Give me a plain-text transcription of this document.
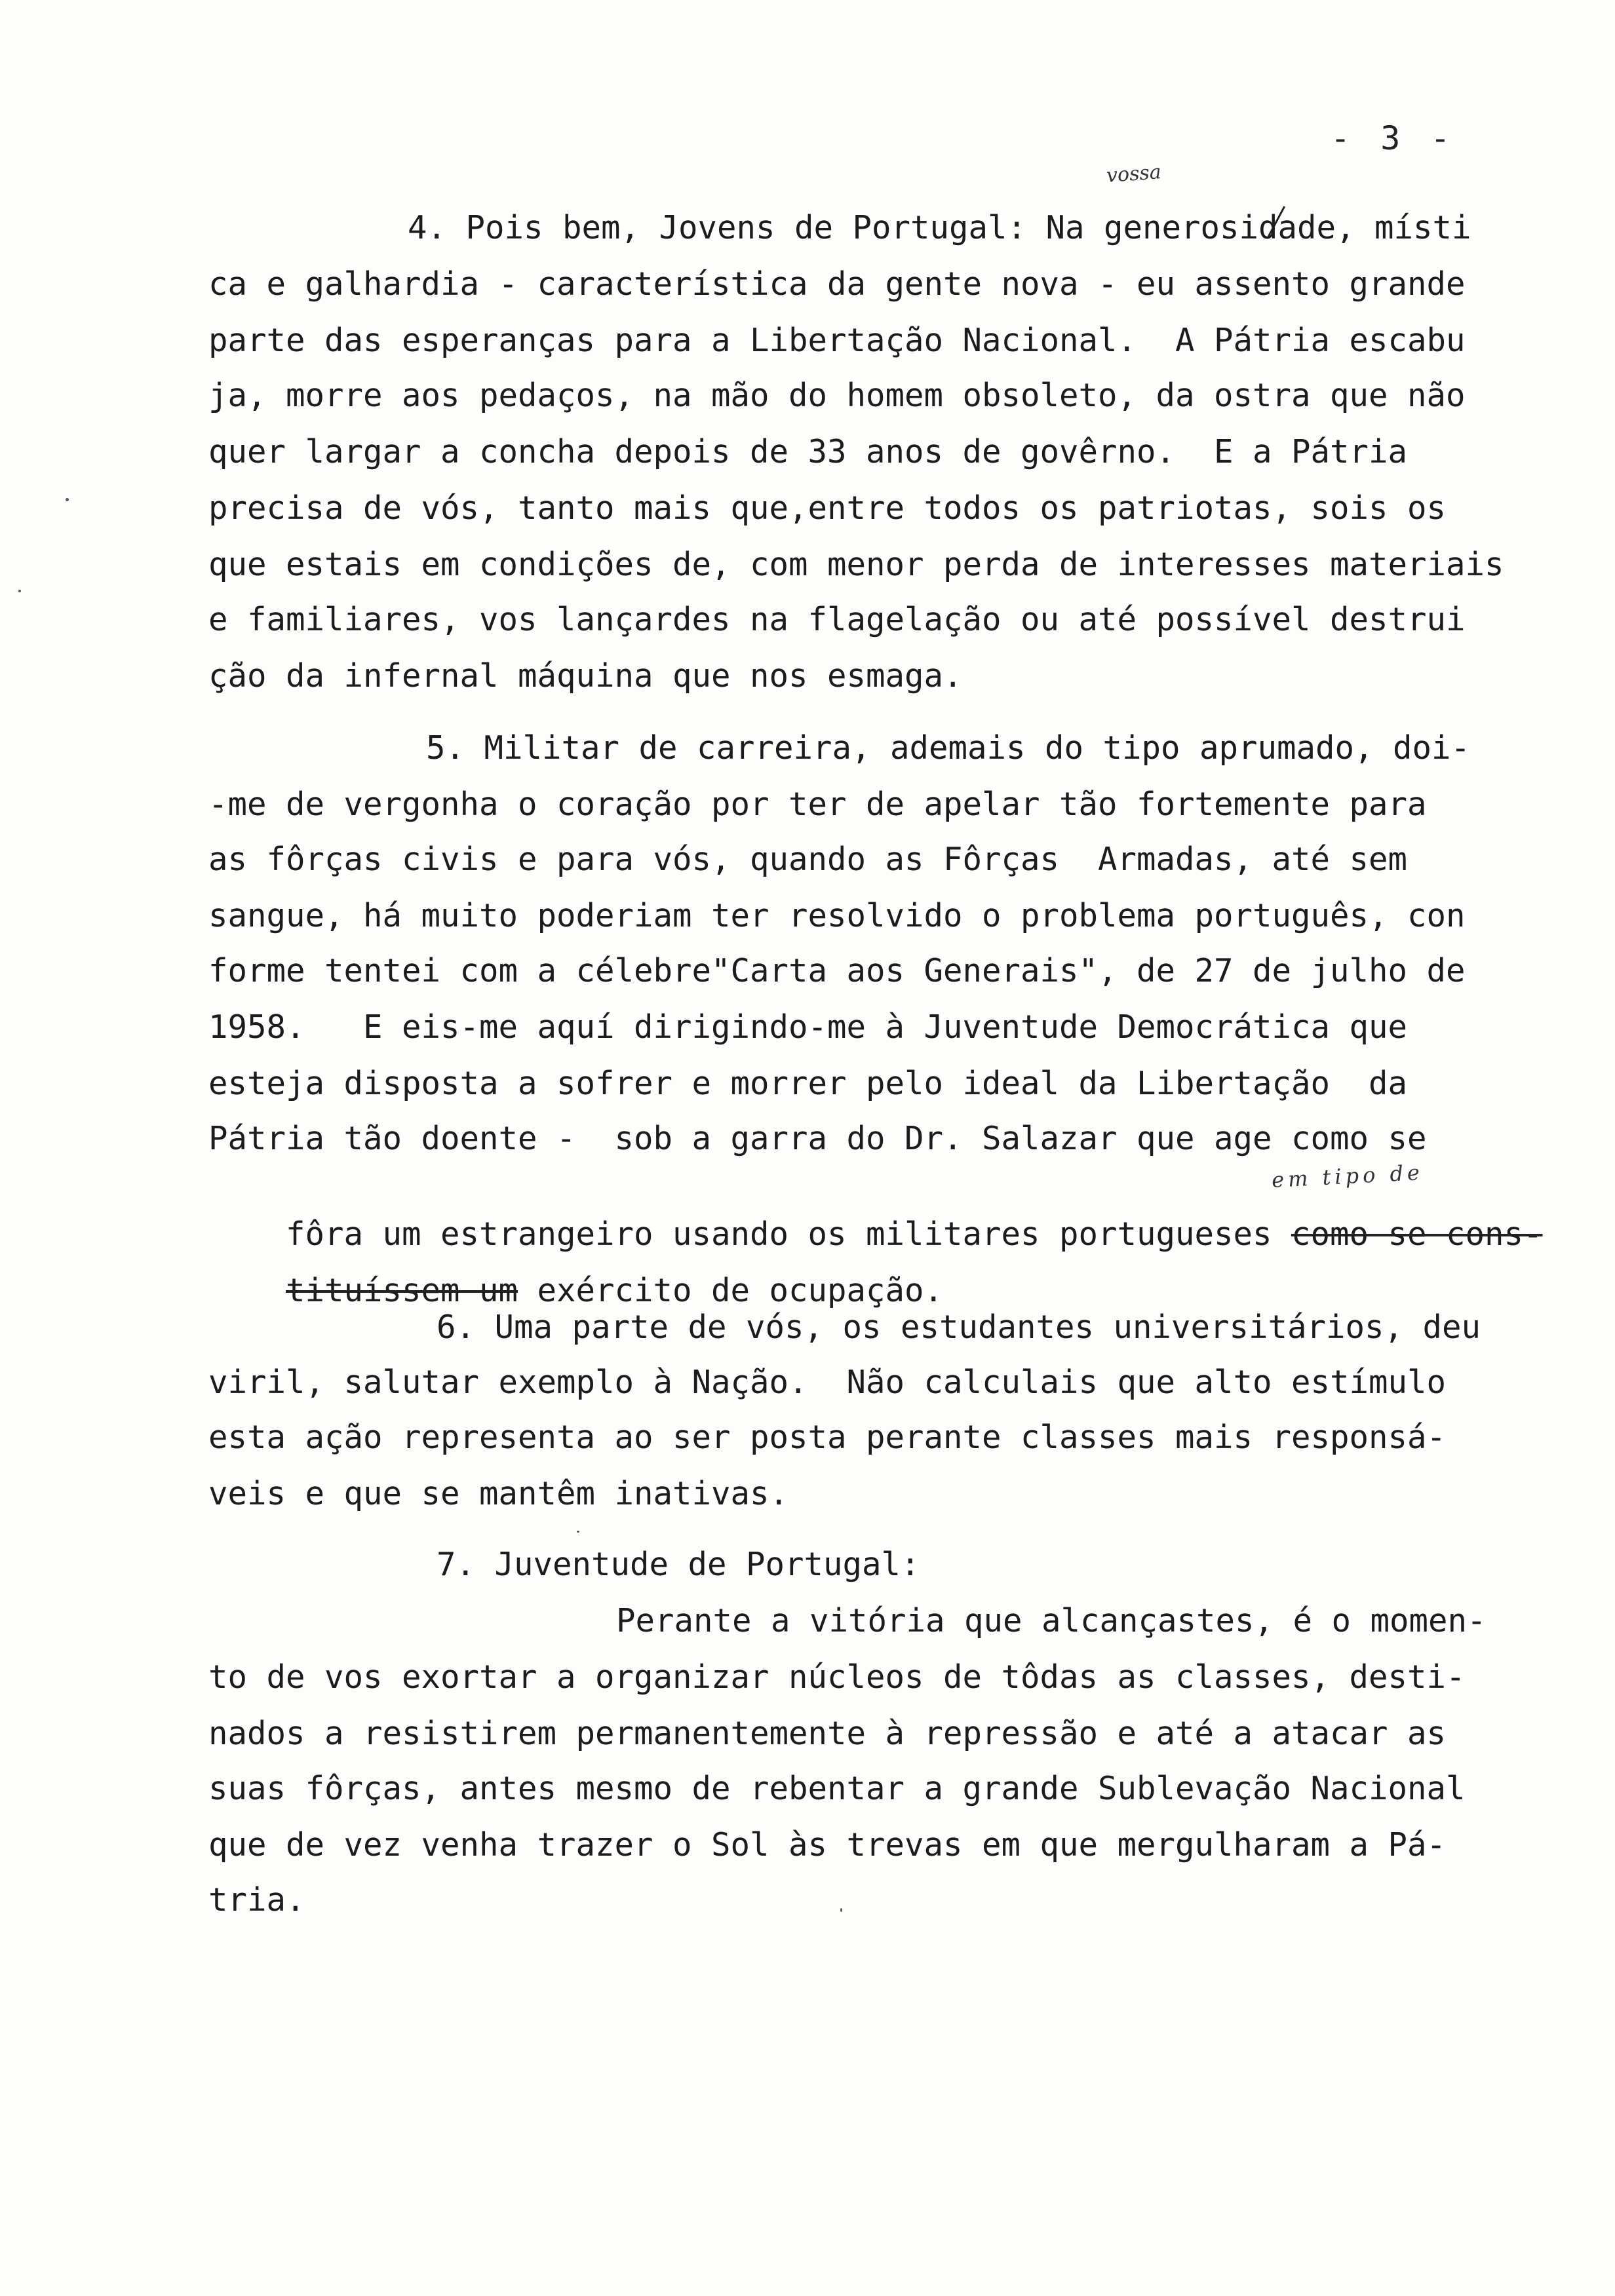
- 3 -
vossa
4. Pois bem, Jovens de Portugal: Na generosidade, místi
ca e galhardia - característica da gente nova - eu assento grande
parte das esperanças para a Libertação Nacional.  A Pátria escabu
ja, morre aos pedaços, na mão do homem obsoleto, da ostra que não
quer largar a concha depois de 33 anos de govêrno.  E a Pátria
precisa de vós, tanto mais que,entre todos os patriotas, sois os
que estais em condições de, com menor perda de interesses materiais
e familiares, vos lançardes na flagelação ou até possível destrui
ção da infernal máquina que nos esmaga.
5. Militar de carreira, ademais do tipo aprumado, doi-
-me de vergonha o coração por ter de apelar tão fortemente para
as fôrças civis e para vós, quando as Fôrças  Armadas, até sem
sangue, há muito poderiam ter resolvido o problema português, con
forme tentei com a célebre"Carta aos Generais", de 27 de julho de
1958.   E eis-me aquí dirigindo-me à Juventude Democrática que
esteja disposta a sofrer e morrer pelo ideal da Libertação  da
Pátria tão doente -  sob a garra do Dr. Salazar que age como se
em tipo de

fôra um estrangeiro usando os militares portugueses como se cons-

tituíssem um exército de ocupação.

6. Uma parte de vós, os estudantes universitários, deu
viril, salutar exemplo à Nação.  Não calculais que alto estímulo
esta ação representa ao ser posta perante classes mais responsá-
veis e que se mantêm inativas.
7. Juventude de Portugal:
Perante a vitória que alcançastes, é o momen-
to de vos exortar a organizar núcleos de tôdas as classes, desti-
nados a resistirem permanentemente à repressão e até a atacar as
suas fôrças, antes mesmo de rebentar a grande Sublevação Nacional
que de vez venha trazer o Sol às trevas em que mergulharam a Pá-
tria.
